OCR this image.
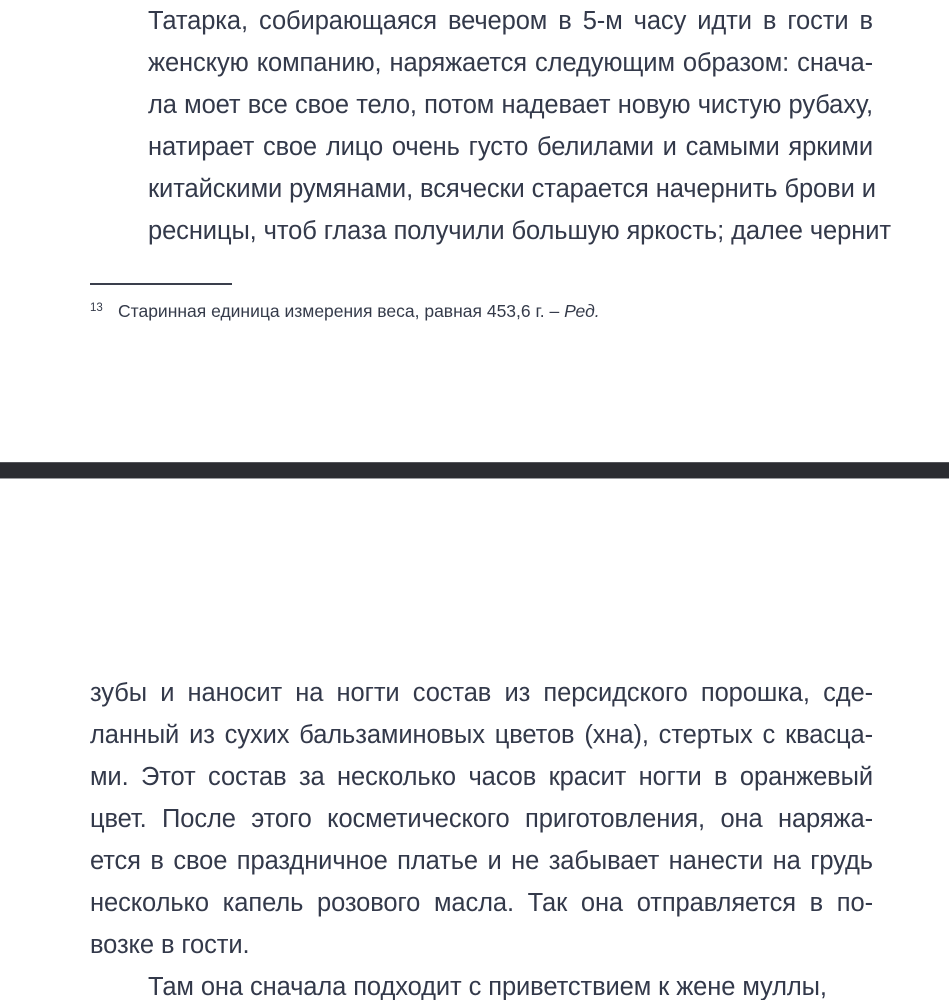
Татарка, собирающаяся вечером в 5-м часу идти в гости в
женскую компанию, наряжается следующим образом: снача-
ла моет все свое тело, потом надевает новую чистую рубаху,
натирает свое лицо очень густо белилами и самыми яркими
китайскими румянами, всячески старается начернить брови и
ресницы, чтоб глаза получили большую яркость; далее чернит

13 Старинная единица измерения веса, равная 453,6 г. – Ред.

зубы и наносит на ногти состав из персидского порошка, сде-
ланный из сухих бальзаминовых цветов (хна), стертых с квасца-
ми. Этот состав за несколько часов красит ногти в оранжевый
цвет. После этого косметического приготовления, она наряжа-
ется в свое праздничное платье и не забывает нанести на грудь
несколько капель розового масла. Так она отправляется в по-
возке в гости.

Там она сначала подходит с приветствием к жене муллы,
